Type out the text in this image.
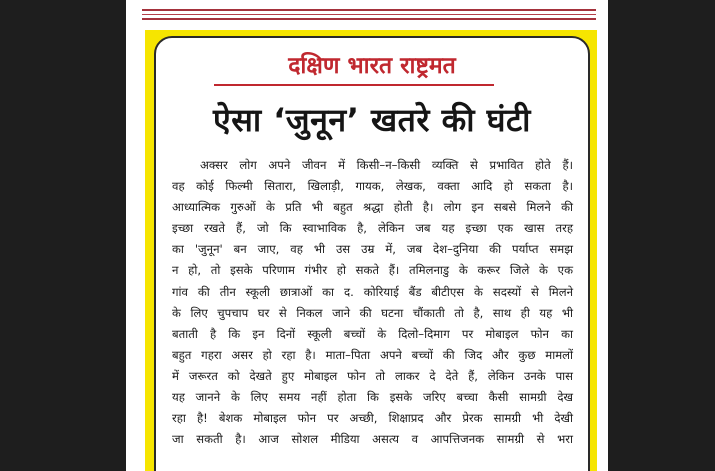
दक्षिण भारत राष्ट्रमत
ऐसा ‘जुनून’ खतरे की घंटी
अक्सर लोग अपने जीवन में किसी–न–किसी व्यक्ति से प्रभावित होते हैं।
वह कोई फिल्मी सितारा, खिलाड़ी, गायक, लेखक, वक्ता आदि हो सकता है।
आध्यात्मिक गुरुओं के प्रति भी बहुत श्रद्धा होती है। लोग इन सबसे मिलने की
इच्छा रखते हैं, जो कि स्वाभाविक है, लेकिन जब यह इच्छा एक खास तरह
का 'जुनून' बन जाए, वह भी उस उम्र में, जब देश–दुनिया की पर्याप्त समझ
न हो, तो इसके परिणाम गंभीर हो सकते हैं। तमिलनाडु के करूर जिले के एक
गांव की तीन स्कूली छात्राओं का द. कोरियाई बैंड बीटीएस के सदस्यों से मिलने
के लिए चुपचाप घर से निकल जाने की घटना चौंकाती तो है, साथ ही यह भी
बताती है कि इन दिनों स्कूली बच्चों के दिलो–दिमाग पर मोबाइल फोन का
बहुत गहरा असर हो रहा है। माता–पिता अपने बच्चों की जिद और कुछ मामलों
में जरूरत को देखते हुए मोबाइल फोन तो लाकर दे देते हैं, लेकिन उनके पास
यह जानने के लिए समय नहीं होता कि इसके जरिए बच्चा कैसी सामग्री देख
रहा है! बेशक मोबाइल फोन पर अच्छी, शिक्षाप्रद और प्रेरक सामग्री भी देखी
जा सकती है। आज सोशल मीडिया असत्य व आपत्तिजनक सामग्री से भरा
